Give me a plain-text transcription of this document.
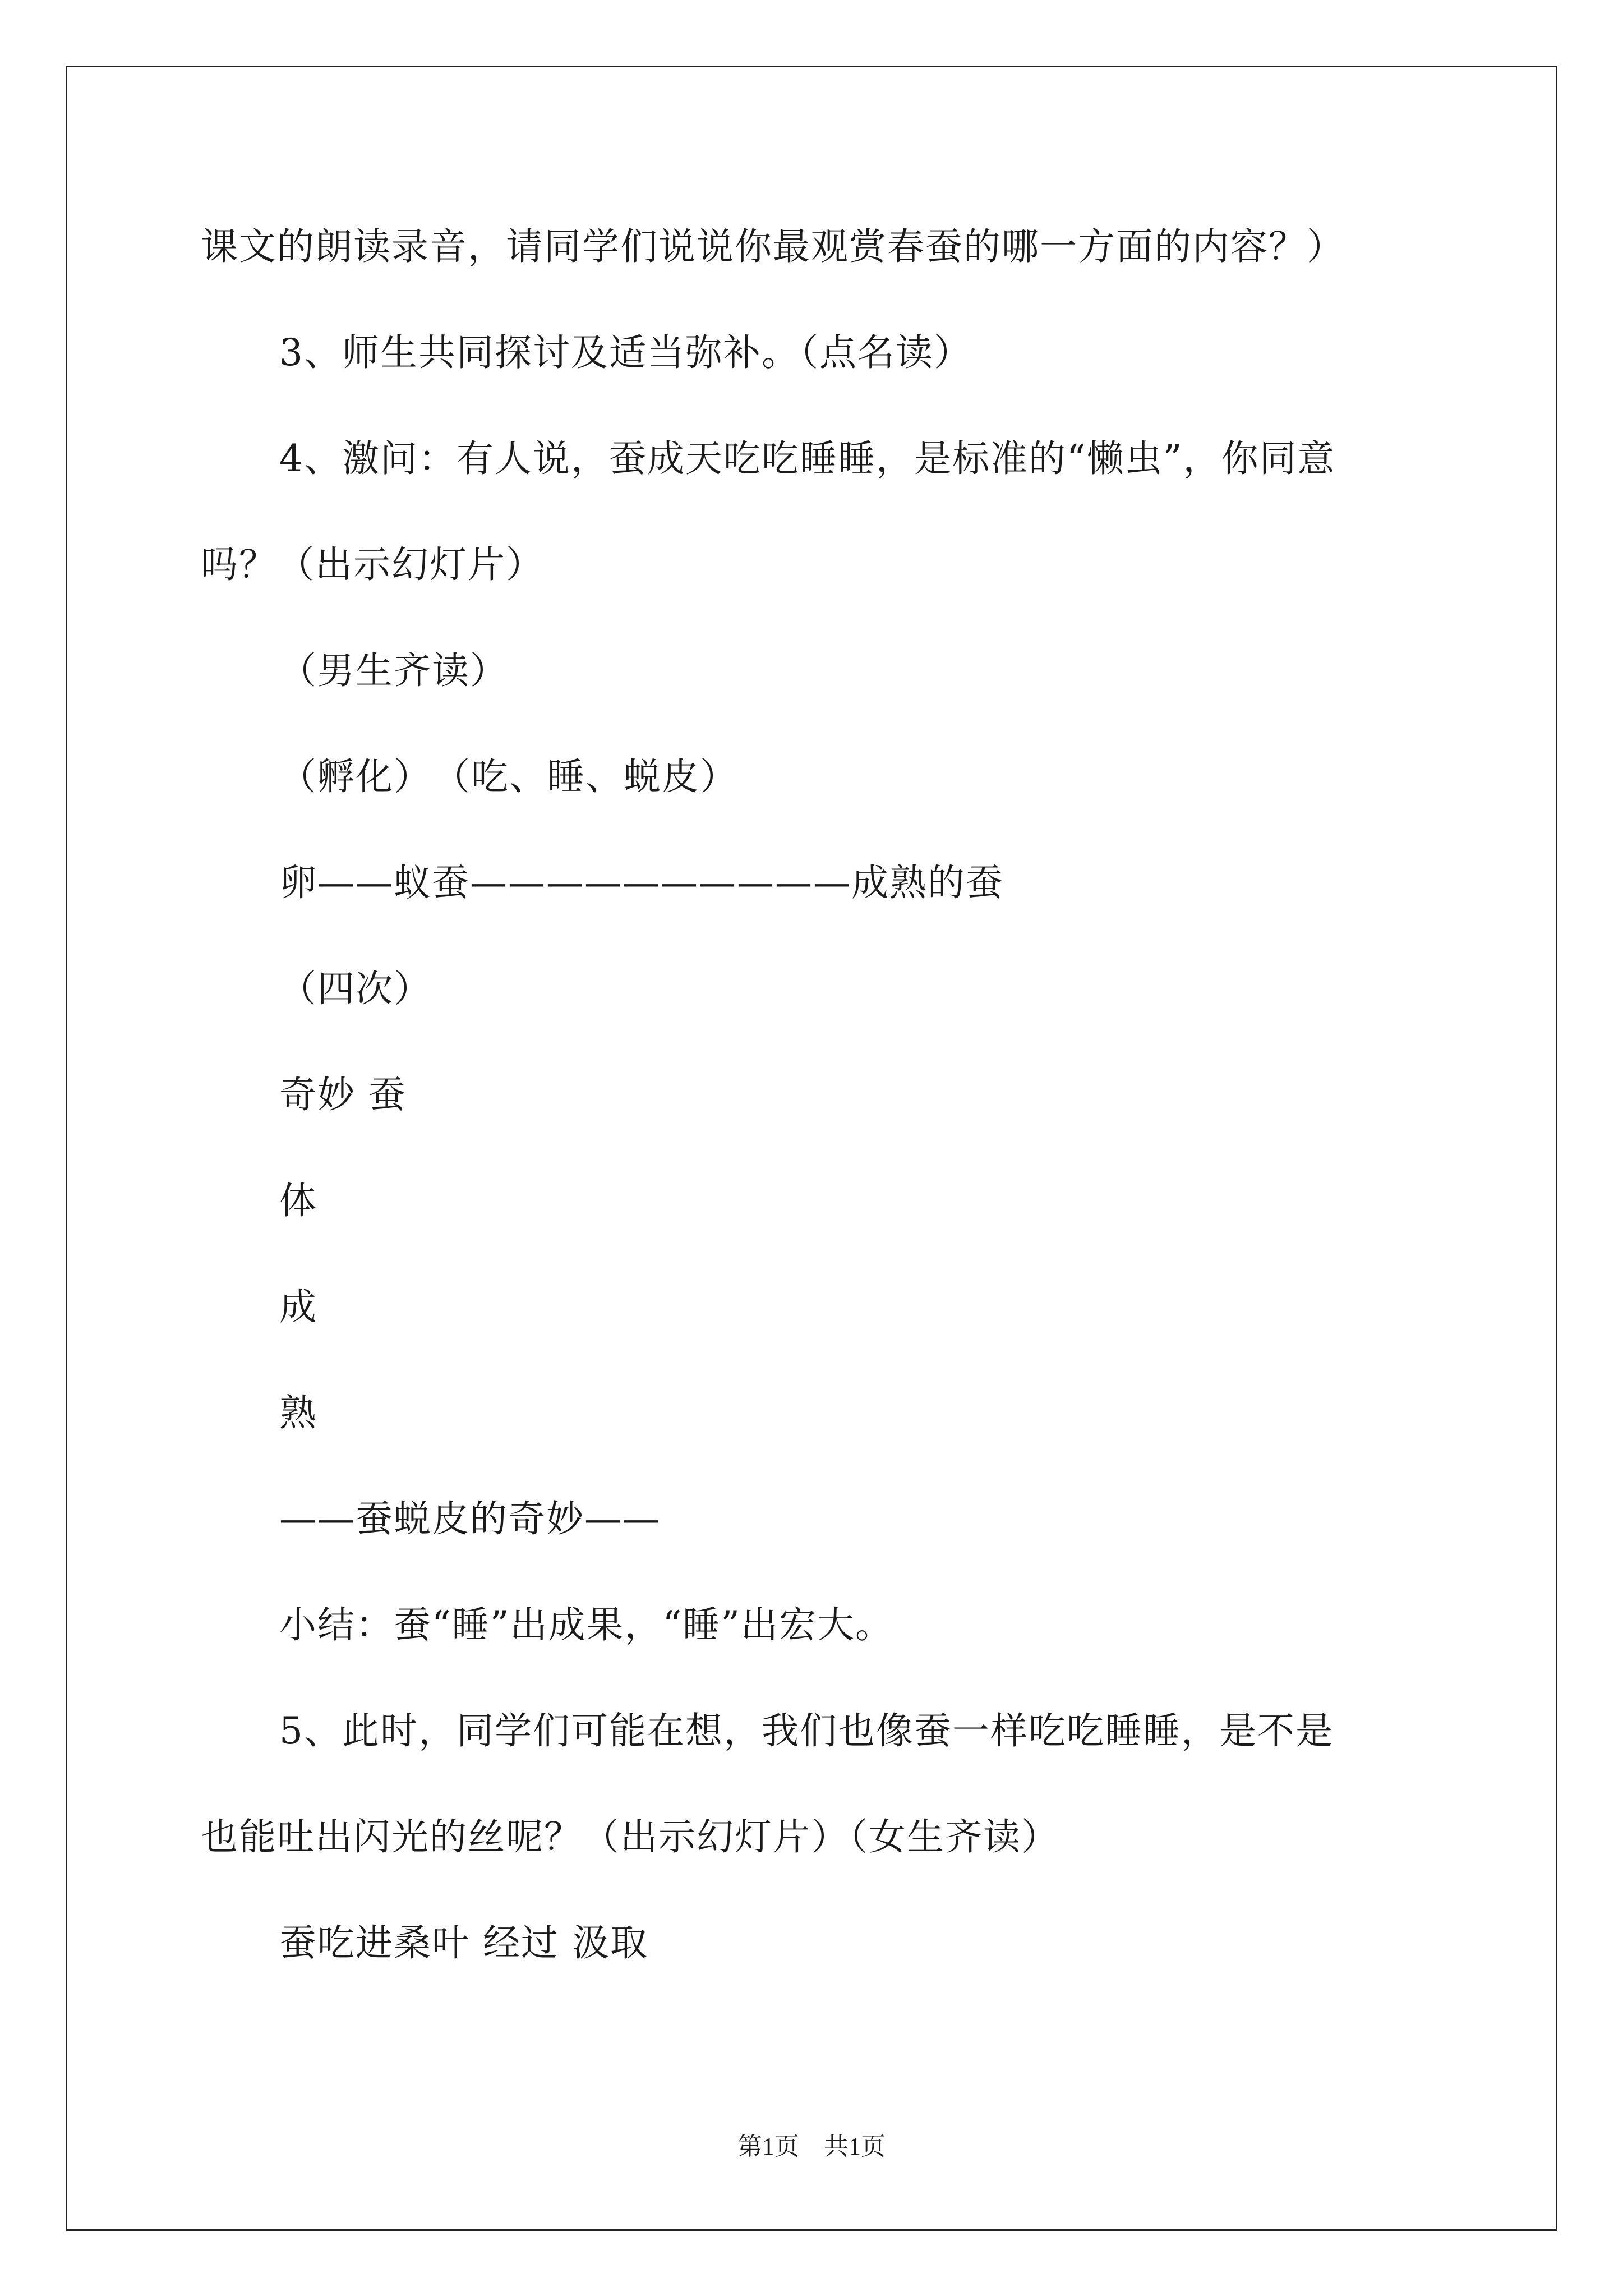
课文的朗读录音，请同学们说说你最观赏春蚕的哪一方面的内容？）
3、师生共同探讨及适当弥补。（点名读）
4、激问：有人说，蚕成天吃吃睡睡，是标准的“懒虫”，你同意
吗？（出示幻灯片）
（男生齐读）
（孵化）　（吃、睡、蜕皮）
卵——蚁蚕——————————成熟的蚕
（四次）
奇妙 蚕
体
成
熟
——蚕蜕皮的奇妙——
小结：蚕“睡”出成果，“睡”出宏大。
5、此时，同学们可能在想，我们也像蚕一样吃吃睡睡，是不是
也能吐出闪光的丝呢？（出示幻灯片）（女生齐读）
蚕吃进桑叶 经过 汲取
第1页　共1页
